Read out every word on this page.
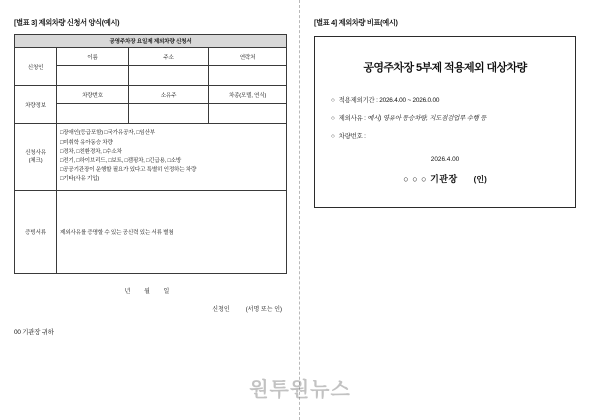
[별표 3] 제외차량 신청서 양식(예시)
공영주차장 요일제 제외차량 신청서			
신청인	이름	주소	연락처

차량정보	차량번호	소유주	차종(모델, 연식)

신청사유
(체크)

□장애인(등급포함) □국가유공자, □임산부
□미취학 유아동승 차량
□경차, □친환경차, □수소차
□전기, □하이브리드, □보트, □캠핑차, □긴급용, □소방
□공공기관장이 운행할 필요가 있다고 특별히 인정하는 차량
□기타(사유 기입)

증빙서류	제외사유를 증명할 수 있는 공신력 있는 서류 별첨		
년 월 일
신청인	(서명 또는 인)
00 기관장 귀하
[별표 4] 제외차량 비표(예시)
공영주차장 5부제 적용제외 대상차량
○ 적용제외기간 : 2026.4.00 ~ 2026.0.00
○ 제외사유 : 예시) 영유아 동승차량, 지도점검업무 수행 등
○ 차량번호 :
2026.4.00
○ ○ ○ 기관장 (인)
원투원뉴스
